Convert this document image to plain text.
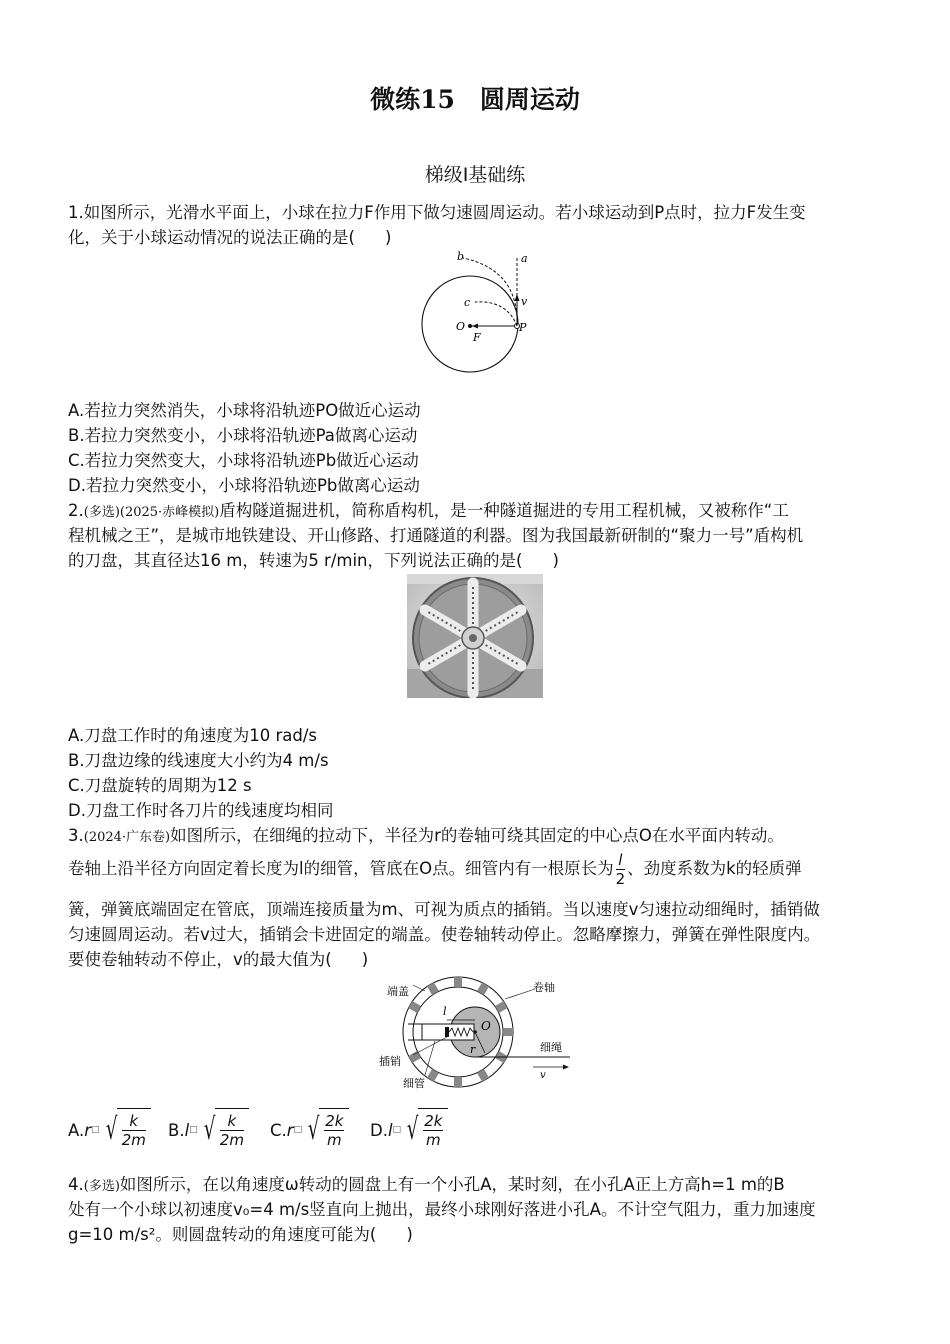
微练15　圆周运动
梯级Ⅰ基础练
1.如图所示，光滑水平面上，小球在拉力F作用下做匀速圆周运动。若小球运动到P点时，拉力F发生变
化，关于小球运动情况的说法正确的是( )
b	a
v
c
O	P
F
A.若拉力突然消失，小球将沿轨迹PO做近心运动
B.若拉力突然变小，小球将沿轨迹Pa做离心运动
C.若拉力突然变大，小球将沿轨迹Pb做近心运动
D.若拉力突然变小，小球将沿轨迹Pb做离心运动
2.(多选)(2025·赤峰模拟)盾构隧道掘进机，简称盾构机，是一种隧道掘进的专用工程机械，又被称作“工
程机械之王”，是城市地铁建设、开山修路、打通隧道的利器。图为我国最新研制的“聚力一号”盾构机
的刀盘，其直径达16 m，转速为5 r/min，下列说法正确的是( )
A.刀盘工作时的角速度为10 rad/s
B.刀盘边缘的线速度大小约为4 m/s
C.刀盘旋转的周期为12 s
D.刀盘工作时各刀片的线速度均相同
3.(2024·广东卷)如图所示，在细绳的拉动下，半径为r的卷轴可绕其固定的中心点O在水平面内转动。
卷轴上沿半径方向固定着长度为l的细管，管底在O点。细管内有一根原长为 $\frac{l}{2}$ 、劲度系数为k的轻质弹
簧，弹簧底端固定在管底，顶端连接质量为m、可视为质点的插销。当以速度v匀速拉动细绳时，插销做
匀速圆周运动。若v过大，插销会卡进固定的端盖。使卷轴转动停止。忽略摩擦力，弹簧在弹性限度内。
要使卷轴转动不停止，v的最大值为( )
端盖	卷轴
l
O
r	细绳
插销
v
细管
A. r □ √ $\frac{k}{2m} B$. l □ √ $\frac{k}{2m} C$. r □ √ $\frac{2k}{m} D$. l □ √ $\frac{2k}{m}$
4.(多选)如图所示，在以角速度ω转动的圆盘上有一个小孔A，某时刻，在小孔A正上方高h=1 m的B
处有一个小球以初速度v₀=4 m/s竖直向上抛出，最终小球刚好落进小孔A。不计空气阻力，重力加速度
g=10 m/s²。则圆盘转动的角速度可能为( )
